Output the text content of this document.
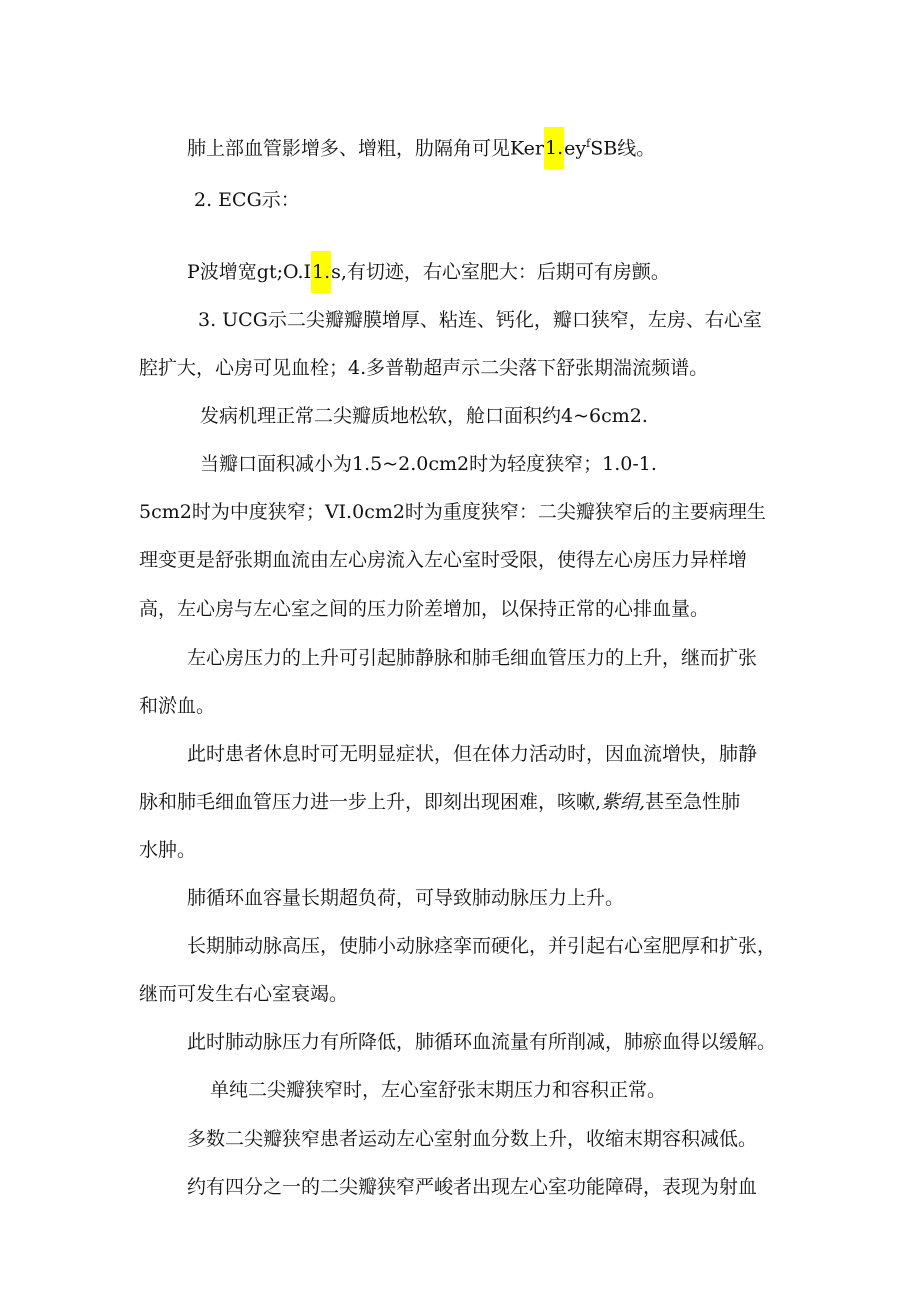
肺上部血管影增多、增粗，肋隔角可见$Ker1.ey^fSB$线。
2. ECG示：
P波增宽gt;O.I1.s,有切迹，右心室肥大：后期可有房颤。
3. UCG示二尖瓣瓣膜增厚、粘连、钙化，瓣口狭窄，左房、右心室
腔扩大，心房可见血栓；4.多普勒超声示二尖落下舒张期湍流频谱。
发病机理正常二尖瓣质地松软，舱口面积约4~6cm2.
当瓣口面积减小为1.5~2.0cm2时为轻度狭窄；1.0-1.
5cm2时为中度狭窄；VI.0cm2时为重度狭窄：二尖瓣狭窄后的主要病理生
理变更是舒张期血流由左心房流入左心室时受限，使得左心房压力异样增
高，左心房与左心室之间的压力阶差增加，以保持正常的心排血量。
左心房压力的上升可引起肺静脉和肺毛细血管压力的上升，继而扩张
和淤血。
此时患者休息时可无明显症状，但在体力活动时，因血流增快，肺静
脉和肺毛细血管压力进一步上升，即刻出现困难，咳嗽,紫绢,甚至急性肺
水肿。
肺循环血容量长期超负荷，可导致肺动脉压力上升。
长期肺动脉高压，使肺小动脉痉挛而硬化，并引起右心室肥厚和扩张，
继而可发生右心室衰竭。
此时肺动脉压力有所降低，肺循环血流量有所削减，肺瘀血得以缓解。
单纯二尖瓣狭窄时，左心室舒张末期压力和容积正常。
多数二尖瓣狭窄患者运动左心室射血分数上升，收缩末期容积减低。
约有四分之一的二尖瓣狭窄严峻者出现左心室功能障碍，表现为射血
